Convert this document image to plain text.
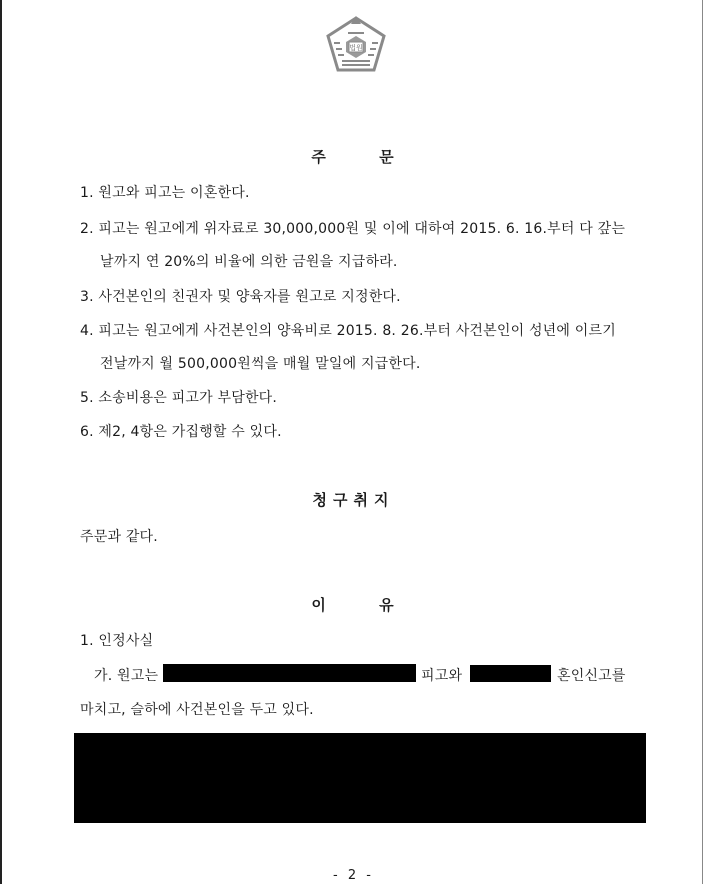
법원
주 문
1. 원고와 피고는 이혼한다.
2. 피고는 원고에게 위자료로 30,000,000원 및 이에 대하여 2015. 6. 16.부터 다 갚는
날까지 연 20%의 비율에 의한 금원을 지급하라.
3. 사건본인의 친권자 및 양육자를 원고로 지정한다.
4. 피고는 원고에게 사건본인의 양육비로 2015. 8. 26.부터 사건본인이 성년에 이르기
전날까지 월 500,000원씩을 매월 말일에 지급한다.
5. 소송비용은 피고가 부담한다.
6. 제2, 4항은 가집행할 수 있다.
청구취지
주문과 같다.
이 유
1. 인정사실
가. 원고는	피고와	혼인신고를
마치고, 슬하에 사건본인을 두고 있다.
- 2 -
